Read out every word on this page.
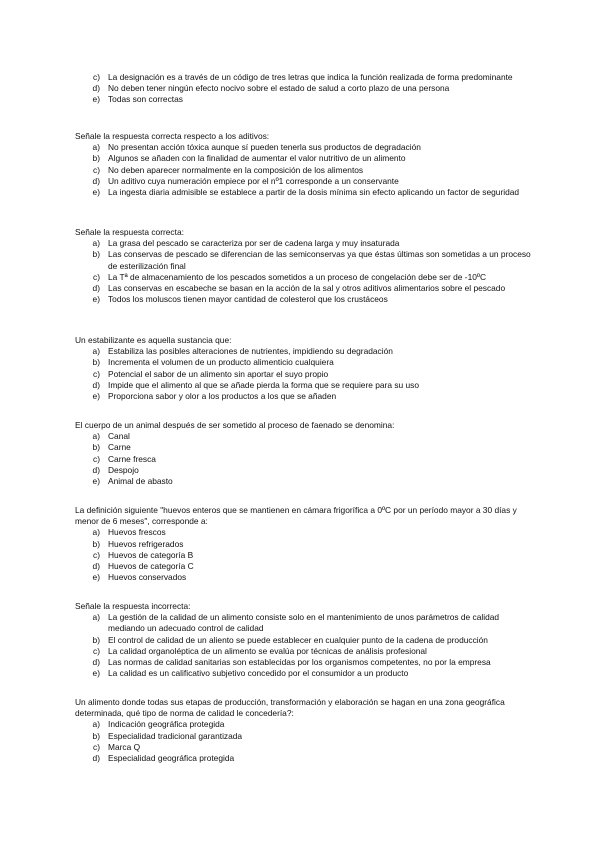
c) La designación es a través de un código de tres letras que indica la función realizada de forma predominante
d) No deben tener ningún efecto nocivo sobre el estado de salud a corto plazo de una persona
e) Todas son correctas

Señale la respuesta correcta respecto a los aditivos:

a) No presentan acción tóxica aunque sí pueden tenerla sus productos de degradación
b) Algunos se añaden con la finalidad de aumentar el valor nutritivo de un alimento
c) No deben aparecer normalmente en la composición de los alimentos
d) Un aditivo cuya numeración empiece por el nº1 corresponde a un conservante
e) La ingesta diaria admisible se establece a partir de la dosis mínima sin efecto aplicando un factor de seguridad

Señale la respuesta correcta:

a) La grasa del pescado se caracteriza por ser de cadena larga y muy insaturada
b) Las conservas de pescado se diferencian de las semiconservas ya que éstas últimas son sometidas a un proceso de esterilización final
c) La Tª de almacenamiento de los pescados sometidos a un proceso de congelación debe ser de -10ºC
d) Las conservas en escabeche se basan en la acción de la sal y otros aditivos alimentarios sobre el pescado
e) Todos los moluscos tienen mayor cantidad de colesterol que los crustáceos

Un estabilizante es aquella sustancia que:

a) Estabiliza las posibles alteraciones de nutrientes, impidiendo su degradación
b) Incrementa el volumen de un producto alimenticio cualquiera
c) Potencial el sabor de un alimento sin aportar el suyo propio
d) Impide que el alimento al que se añade pierda la forma que se requiere para su uso
e) Proporciona sabor y olor a los productos a los que se añaden

El cuerpo de un animal después de ser sometido al proceso de faenado se denomina:

a) Canal
b) Carne
c) Carne fresca
d) Despojo
e) Animal de abasto

La definición siguiente "huevos enteros que se mantienen en cámara frigorífica a 0ºC por un período mayor a 30 días y menor de 6 meses", corresponde a:

a) Huevos frescos
b) Huevos refrigerados
c) Huevos de categoría B
d) Huevos de categoría C
e) Huevos conservados

Señale la respuesta incorrecta:

a) La gestión de la calidad de un alimento consiste solo en el mantenimiento de unos parámetros de calidad mediando un adecuado control de calidad
b) El control de calidad de un aliento se puede establecer en cualquier punto de la cadena de producción
c) La calidad organoléptica de un alimento se evalúa por técnicas de análisis profesional
d) Las normas de calidad sanitarias son establecidas por los organismos competentes, no por la empresa
e) La calidad es un calificativo subjetivo concedido por el consumidor a un producto

Un alimento donde todas sus etapas de producción, transformación y elaboración se hagan en una zona geográfica determinada, qué tipo de norma de calidad le concedería?:

a) Indicación geográfica protegida
b) Especialidad tradicional garantizada
c) Marca Q
d) Especialidad geográfica protegida
